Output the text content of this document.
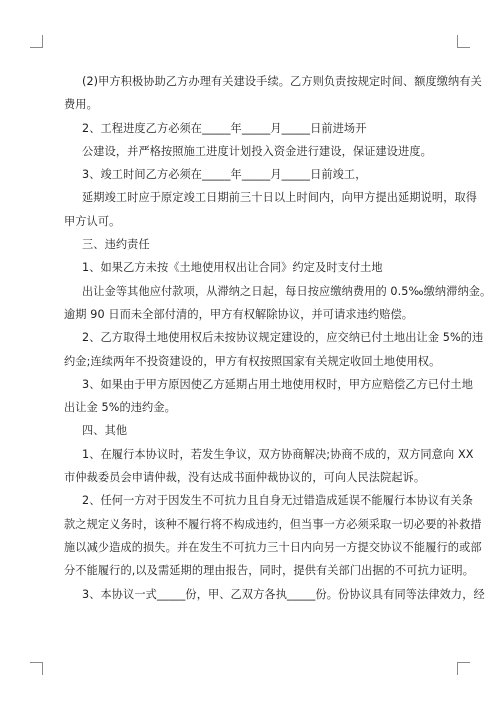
(2)甲方积极协助乙方办理有关建设手续。乙方则负责按规定时间、额度缴纳有关

费用。

2、工程进度乙方必须在_____年_____月_____日前进场开

公建设，并严格按照施工进度计划投入资金进行建设，保证建设进度。

3、竣工时间乙方必须在_____年_____月_____日前竣工，

延期竣工时应于原定竣工日期前三十日以上时间内，向甲方提出延期说明，取得

甲方认可。

三、违约责任

1、如果乙方未按《土地使用权出让合同》约定及时支付土地

出让金等其他应付款项，从滞纳之日起，每日按应缴纳费用的 0.5‰缴纳滞纳金。

逾期 90 日而未全部付清的，甲方有权解除协议，并可请求违约赔偿。

2、乙方取得土地使用权后未按协议规定建设的，应交纳已付土地出让金 5%的违

约金;连续两年不投资建设的，甲方有权按照国家有关规定收回土地使用权。

3、如果由于甲方原因使乙方延期占用土地使用权时，甲方应赔偿乙方已付土地

出让金 5%的违约金。

四、其他

1、在履行本协议时，若发生争议，双方协商解决;协商不成的，双方同意向 XX

市仲裁委员会申请仲裁，没有达成书面仲裁协议的，可向人民法院起诉。

2、任何一方对于因发生不可抗力且自身无过错造成延误不能履行本协议有关条

款之规定义务时，该种不履行将不构成违约，但当事一方必须采取一切必要的补救措

施以减少造成的损失。并在发生不可抗力三十日内向另一方提交协议不能履行的或部

分不能履行的,以及需延期的理由报告，同时，提供有关部门出据的不可抗力证明。

3、本协议一式_____份，甲、乙双方各执_____份。份协议具有同等法律效力，经
